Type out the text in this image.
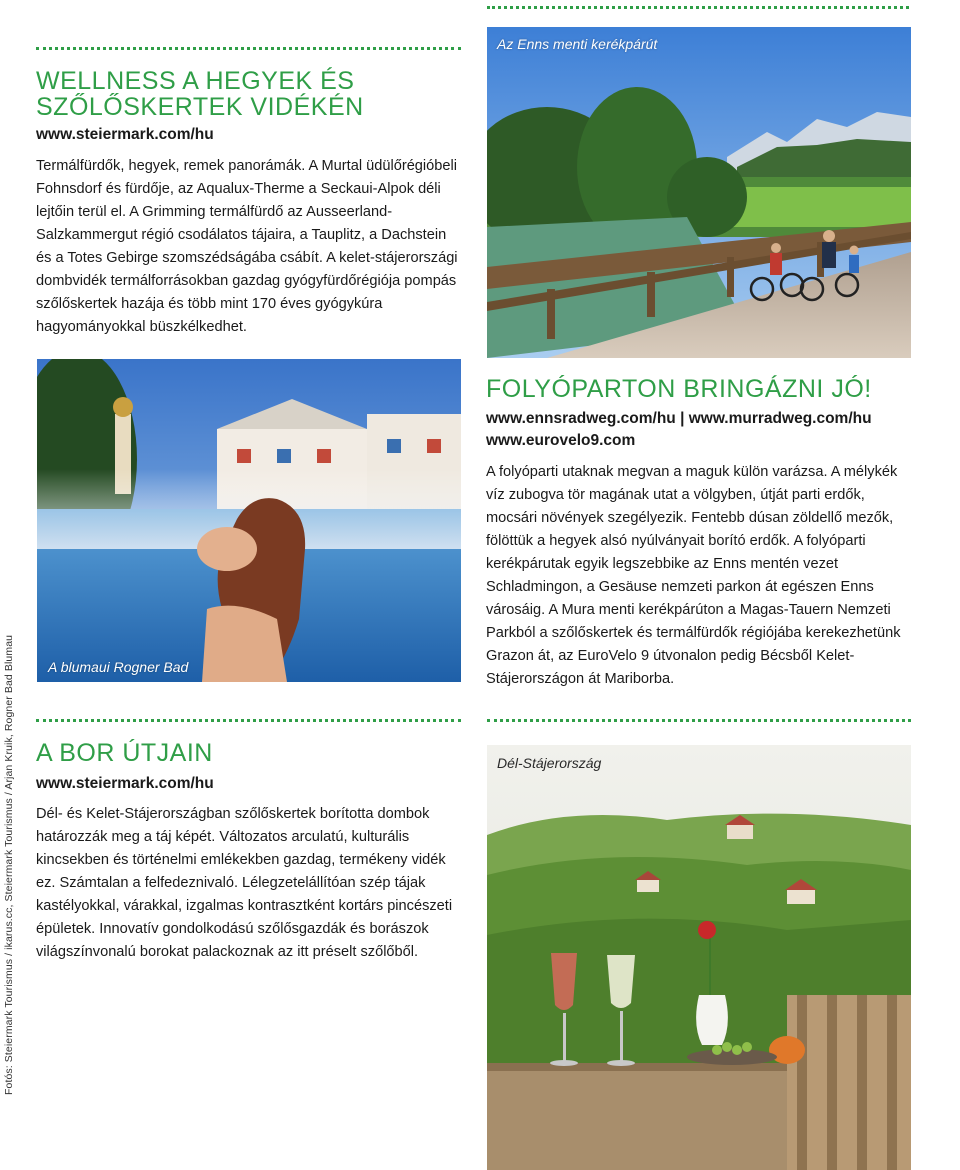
WELLNESS A HEGYEK ÉS
SZŐLŐSKERTEK VIDÉKÉN
www.steiermark.com/hu

Termálfürdők, hegyek, remek panorámák. A Murtal üdülőrégióbeli Fohnsdorf és fürdője, az Aqualux-Therme a Seckaui-Alpok déli lejtőin terül el. A Grimming termálfürdő az Ausseerland-Salzkammergut régió csodálatos tájaira, a Tauplitz, a Dachstein és a Totes Gebirge szomszédságába csábít. A kelet-stájerországi dombvidék termálforrásokban gazdag gyógyfürdőrégiója pompás szőlőskertek hazája és több mint 170 éves gyógykúra hagyományokkal büszkélkedhet.

Az Enns menti kerékpárút
A blumaui Rogner Bad
FOLYÓPARTON BRINGÁZNI JÓ!
www.ennsradweg.com/hu | www.murradweg.com/hu
www.eurovelo9.com

A folyóparti utaknak megvan a maguk külön varázsa. A mélykék víz zubogva tör magának utat a völgyben, útját parti erdők, mocsári növények szegélyezik. Fentebb dúsan zöldellő mezők, fölöttük a hegyek alsó nyúlványait borító erdők. A folyóparti kerékpárutak egyik legszebbike az Enns mentén vezet Schladmingon, a Gesäuse nemzeti parkon át egészen Enns városáig. A Mura menti kerékpárúton a Magas-Tauern Nemzeti Parkból a szőlőskertek és termálfürdők régiójába kerekezhetünk Grazon át, az EuroVelo 9 útvonalon pedig Bécsből Kelet-Stájerországon át Mariborba.

A BOR ÚTJAIN
www.steiermark.com/hu

Dél- és Kelet-Stájerországban szőlőskertek borította dombok határozzák meg a táj képét. Változatos arculatú, kulturális kincsekben és történelmi emlékekben gazdag, termékeny vidék ez. Számtalan a felfedeznivaló. Lélegzetelállítóan szép tájak kastélyokkal, várakkal, izgalmas kontrasztként kortárs pincészeti épületek. Innovatív gondolkodású szőlősgazdák és borászok világszínvonalú borokat palackoznak az itt préselt szőlőből.

Dél-Stájerország
Fotós: Steiermark Tourismus / ikarus.cc, Steiermark Tourismus / Arjan Kruik, Rogner Bad Blumau
